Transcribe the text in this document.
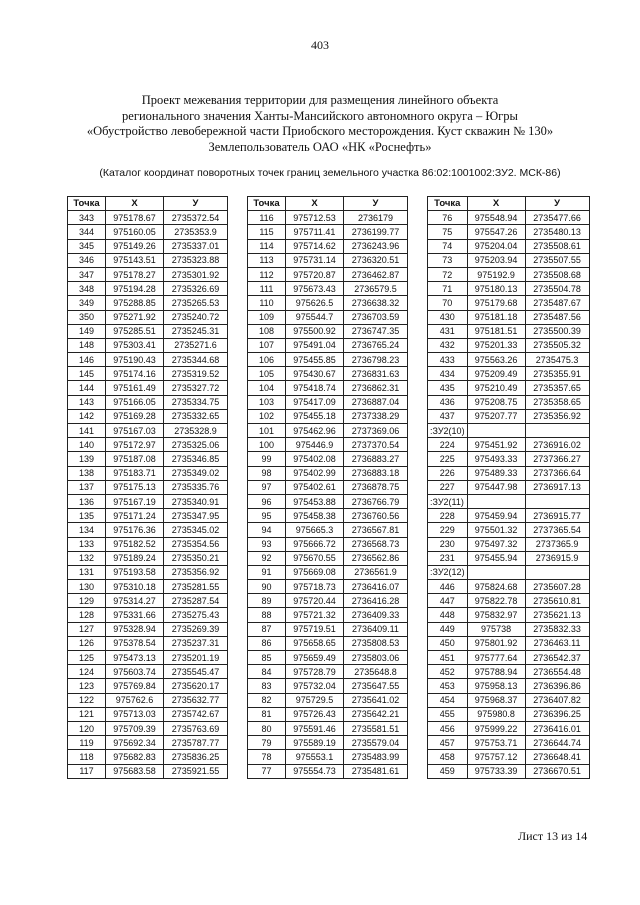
403
Проект межевания территории для размещения линейного объекта
регионального значения Ханты-Мансийского автономного округа – Югры
«Обустройство левобережной части Приобского месторождения. Куст скважин № 130»
Землепользователь ОАО «НК «Роснефть»
(Каталог координат поворотных точек границ земельного участка 86:02:1001002:ЗУ2. МСК-86)
Точка	X	У
343	975178.67	2735372.54
344	975160.05	2735353.9
345	975149.26	2735337.01
346	975143.51	2735323.88
347	975178.27	2735301.92
348	975194.28	2735326.69
349	975288.85	2735265.53
350	975271.92	2735240.72
149	975285.51	2735245.31
148	975303.41	2735271.6
146	975190.43	2735344.68
145	975174.16	2735319.52
144	975161.49	2735327.72
143	975166.05	2735334.75
142	975169.28	2735332.65
141	975167.03	2735328.9
140	975172.97	2735325.06
139	975187.08	2735346.85
138	975183.71	2735349.02
137	975175.13	2735335.76
136	975167.19	2735340.91
135	975171.24	2735347.95
134	975176.36	2735345.02
133	975182.52	2735354.56
132	975189.24	2735350.21
131	975193.58	2735356.92
130	975310.18	2735281.55
129	975314.27	2735287.54
128	975331.66	2735275.43
127	975328.94	2735269.39
126	975378.54	2735237.31
125	975473.13	2735201.19
124	975603.74	2735545.47
123	975769.84	2735620.17
122	975762.6	2735632.77
121	975713.03	2735742.67
120	975709.39	2735763.69
119	975692.34	2735787.77
118	975682.83	2735836.25
117	975683.58	2735921.55
Точка	X	У
116	975712.53	2736179
115	975711.41	2736199.77
114	975714.62	2736243.96
113	975731.14	2736320.51
112	975720.87	2736462.87
111	975673.43	2736579.5
110	975626.5	2736638.32
109	975544.7	2736703.59
108	975500.92	2736747.35
107	975491.04	2736765.24
106	975455.85	2736798.23
105	975430.67	2736831.63
104	975418.74	2736862.31
103	975417.09	2736887.04
102	975455.18	2737338.29
101	975462.96	2737369.06
100	975446.9	2737370.54
99	975402.08	2736883.27
98	975402.99	2736883.18
97	975402.61	2736878.75
96	975453.88	2736766.79
95	975458.38	2736760.56
94	975665.3	2736567.81
93	975666.72	2736568.73
92	975670.55	2736562.86
91	975669.08	2736561.9
90	975718.73	2736416.07
89	975720.44	2736416.28
88	975721.32	2736409.33
87	975719.51	2736409.11
86	975658.65	2735808.53
85	975659.49	2735803.06
84	975728.79	2735648.8
83	975732.04	2735647.55
82	975729.5	2735641.02
81	975726.43	2735642.21
80	975591.46	2735581.51
79	975589.19	2735579.04
78	975553.1	2735483.99
77	975554.73	2735481.61
Точка	X	У
76	975548.94	2735477.66
75	975547.26	2735480.13
74	975204.04	2735508.61
73	975203.94	2735507.55
72	975192.9	2735508.68
71	975180.13	2735504.78
70	975179.68	2735487.67
430	975181.18	2735487.56
431	975181.51	2735500.39
432	975201.33	2735505.32
433	975563.26	2735475.3
434	975209.49	2735355.91
435	975210.49	2735357.65
436	975208.75	2735358.65
437	975207.77	2735356.92
:ЗУ2(10)		
224	975451.92	2736916.02
225	975493.33	2737366.27
226	975489.33	2737366.64
227	975447.98	2736917.13
:ЗУ2(11)		
228	975459.94	2736915.77
229	975501.32	2737365.54
230	975497.32	2737365.9
231	975455.94	2736915.9
:ЗУ2(12)		
446	975824.68	2735607.28
447	975822.78	2735610.81
448	975832.97	2735621.13
449	975738	2735832.33
450	975801.92	2736463.11
451	975777.64	2736542.37
452	975788.94	2736554.48
453	975958.13	2736396.86
454	975968.37	2736407.82
455	975980.8	2736396.25
456	975999.22	2736416.01
457	975753.71	2736644.74
458	975757.12	2736648.41
459	975733.39	2736670.51
Лист 13 из 14
